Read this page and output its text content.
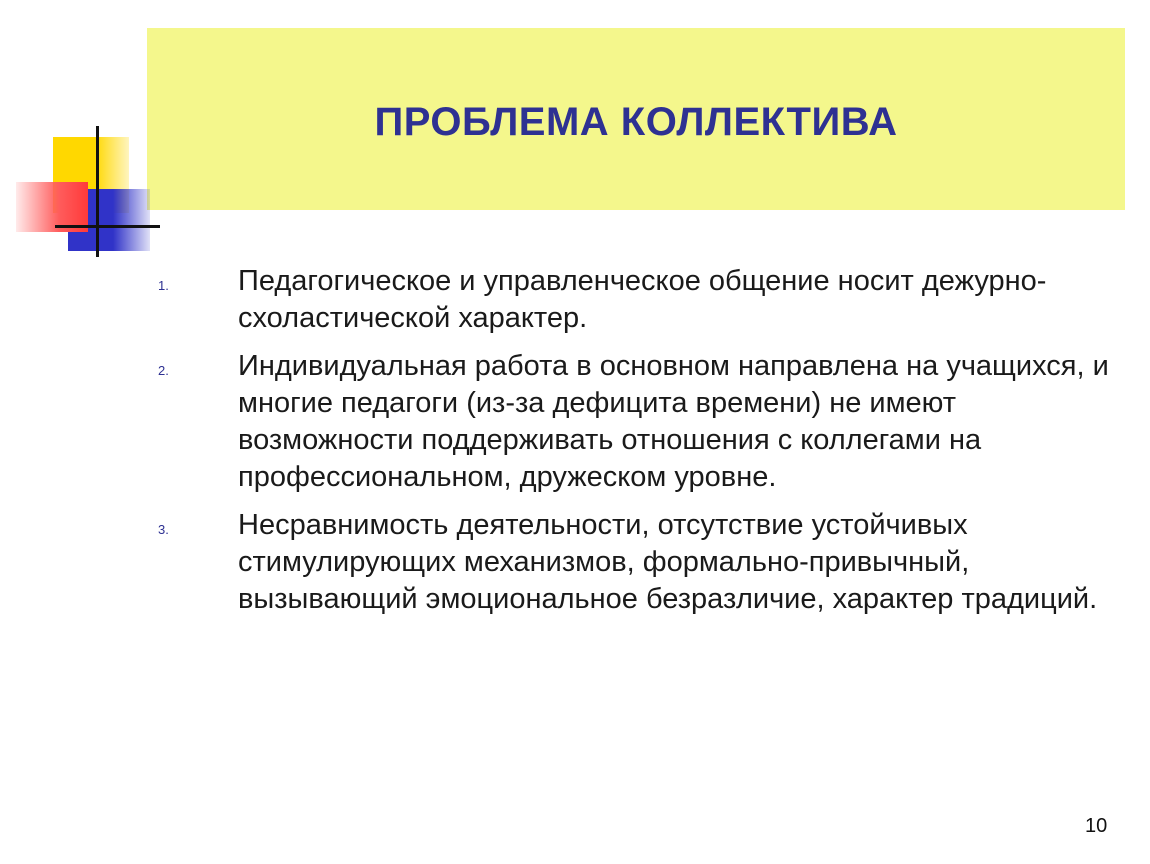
ПРОБЛЕМА КОЛЛЕКТИВА
1.	Педагогическое и управленческое общение носит дежурно-схоластической характер.
2.	Индивидуальная работа в основном направлена на учащихся, и многие педагоги (из-за дефицита времени) не имеют возможности поддерживать отношения с коллегами на профессиональном, дружеском уровне.
3.	Несравнимость деятельности, отсутствие устойчивых стимулирующих механизмов, формально-привычный, вызывающий эмоциональное безразличие, характер традиций.
10
